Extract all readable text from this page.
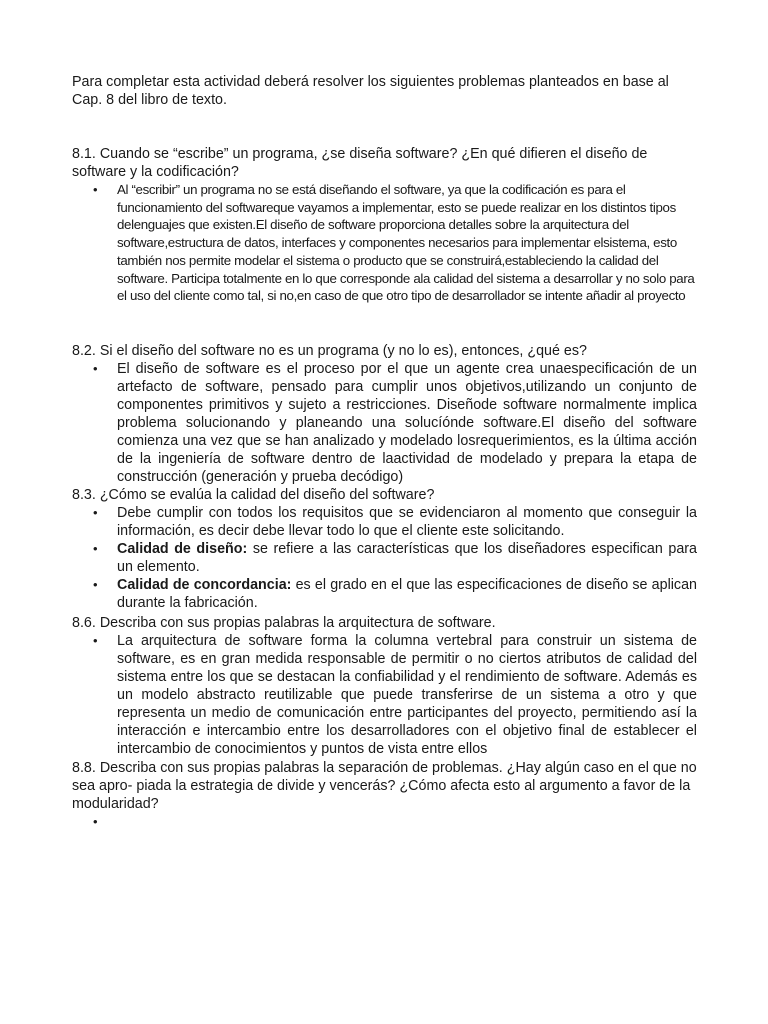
Para completar esta actividad deberá resolver los siguientes problemas planteados en base al Cap. 8 del libro de texto.

8.1. Cuando se “escribe” un programa, ¿se diseña software? ¿En qué difieren el diseño de software y la codificación?

• Al “escribir” un programa no se está diseñando el software, ya que la codificación es para el funcionamiento del softwareque vayamos a implementar, esto se puede realizar en los distintos tipos delenguajes que existen.El diseño de software proporciona detalles sobre la arquitectura del software,estructura de datos, interfaces y componentes necesarios para implementar elsistema, esto también nos permite modelar el sistema o producto que se construirá,estableciendo la calidad del software. Participa totalmente en lo que corresponde ala calidad del sistema a desarrollar y no solo para el uso del cliente como tal, si no,en caso de que otro tipo de desarrollador se intente añadir al proyecto

8.2. Si el diseño del software no es un programa (y no lo es), entonces, ¿qué es?

• El diseño de software es el proceso por el que un agente crea unaespecificación de un artefacto de software, pensado para cumplir unos objetivos,utilizando un conjunto de componentes primitivos y sujeto a restricciones. Diseñode software normalmente implica problema solucionando y planeando una solucíónde software.El diseño del software comienza una vez que se han analizado y modelado losrequerimientos, es la última acción de la ingeniería de software dentro de laactividad de modelado y prepara la etapa de construcción (generación y prueba decódigo)

8.3. ¿Cómo se evalúa la calidad del diseño del software?

• Debe cumplir con todos los requisitos que se evidenciaron al momento que conseguir la información, es decir debe llevar todo lo que el cliente este solicitando.
• Calidad de diseño: se refiere a las características que los diseñadores especifican para un elemento.
• Calidad de concordancia: es el grado en el que las especificaciones de diseño se aplican durante la fabricación.

8.6. Describa con sus propias palabras la arquitectura de software.

• La arquitectura de software forma la columna vertebral para construir un sistema de software, es en gran medida responsable de permitir o no ciertos atributos de calidad del sistema entre los que se destacan la confiabilidad y el rendimiento de software. Además es un modelo abstracto reutilizable que puede transferirse de un sistema a otro y que representa un medio de comunicación entre participantes del proyecto, permitiendo así la interacción e intercambio entre los desarrolladores con el objetivo final de establecer el intercambio de conocimientos y puntos de vista entre ellos

8.8. Describa con sus propias palabras la separación de problemas. ¿Hay algún caso en el que no sea apro- piada la estrategia de divide y vencerás? ¿Cómo afecta esto al argumento a favor de la modularidad?

•
